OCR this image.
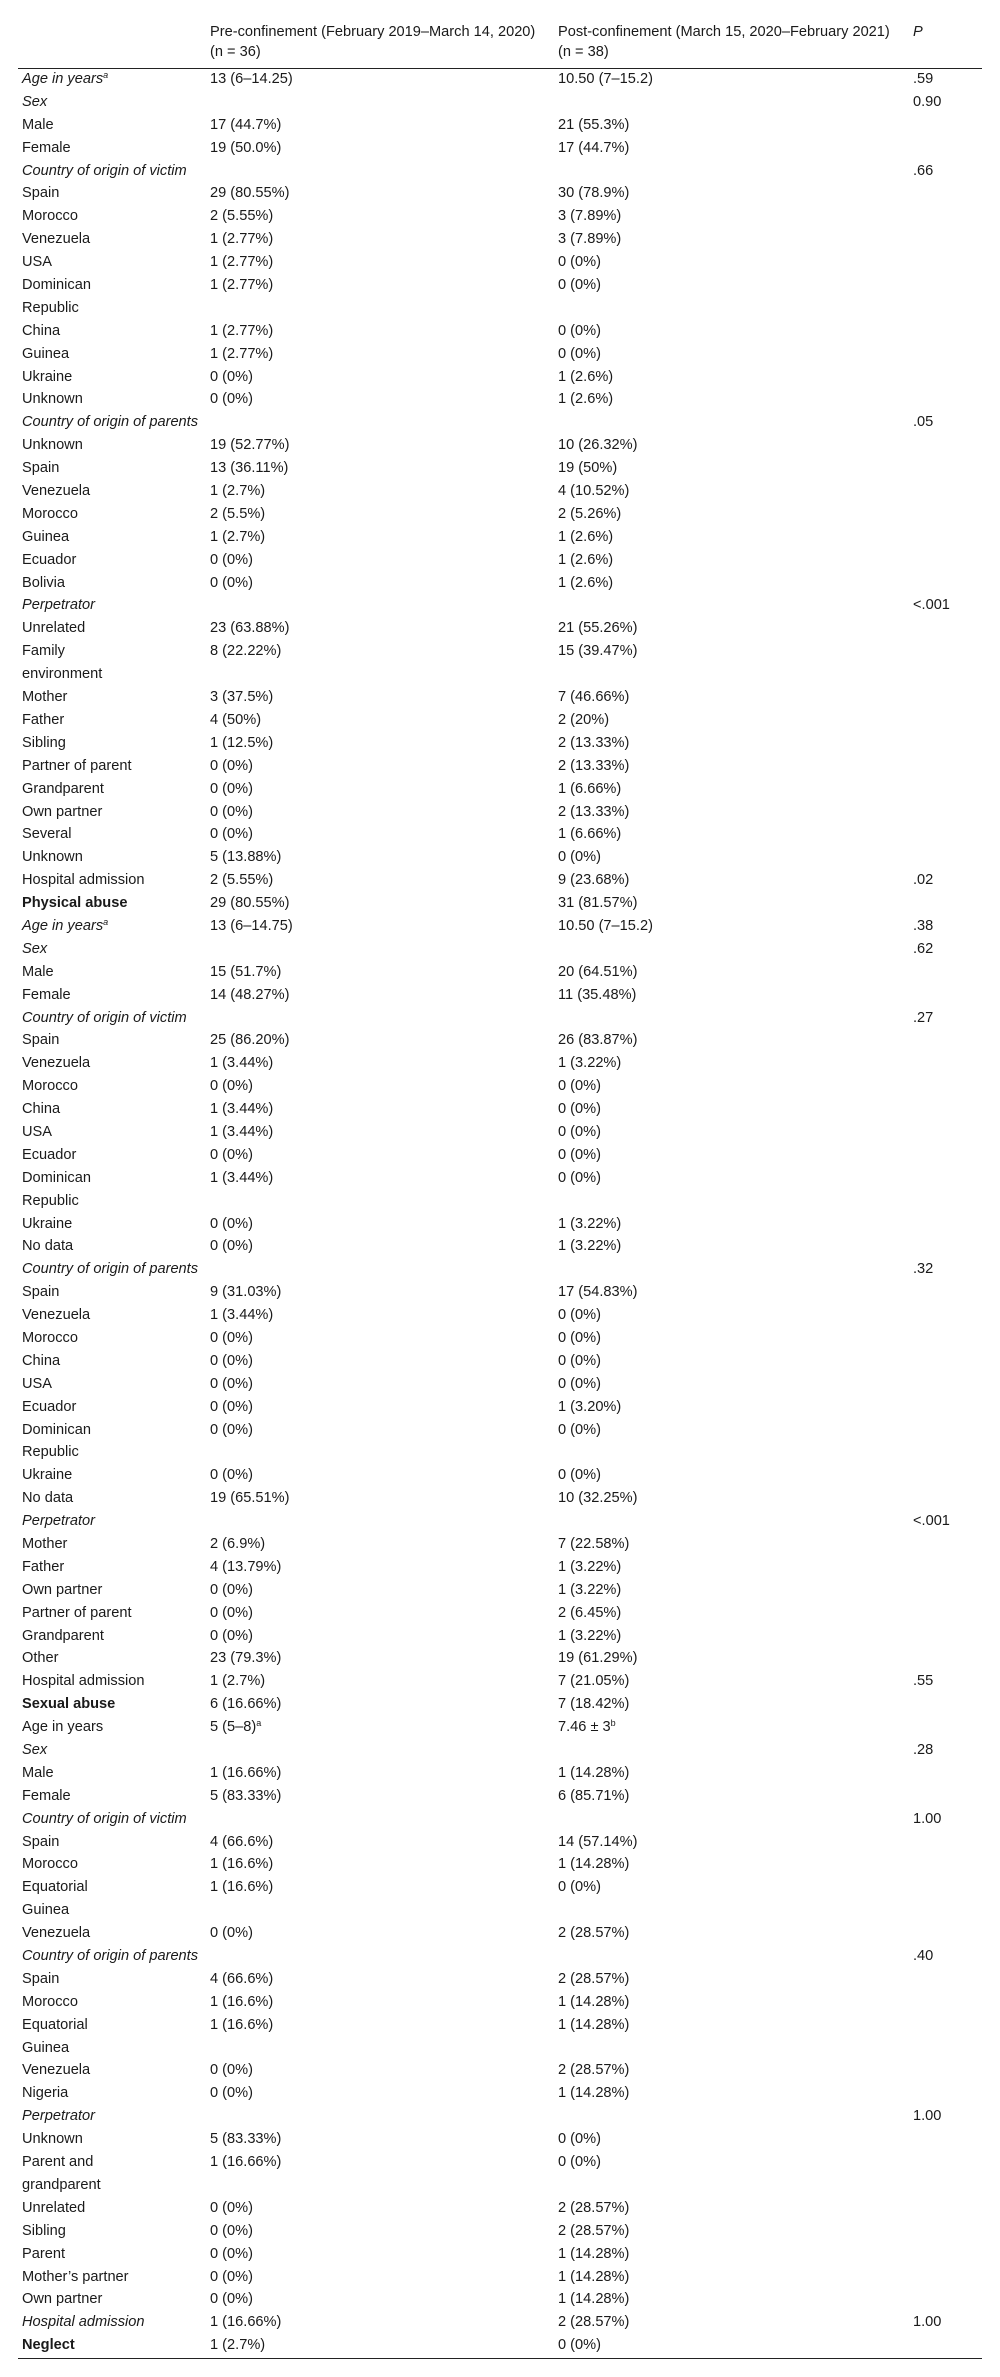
	Pre-confinement (February 2019–March 14, 2020) (n = 36)	Post-confinement (March 15, 2020–February 2021) (n = 38)	P
Age in years$^a$	13 (6–14.25)	10.50 (7–15.2)	.59
Sex			0.90
Male	17 (44.7%)	21 (55.3%)	
Female	19 (50.0%)	17 (44.7%)	
Country of origin of victim			.66
Spain	29 (80.55%)	30 (78.9%)	
Morocco	2 (5.55%)	3 (7.89%)	
Venezuela	1 (2.77%)	3 (7.89%)	
USA	1 (2.77%)	0 (0%)	
Dominican	1 (2.77%)	0 (0%)	
Republic			
China	1 (2.77%)	0 (0%)	
Guinea	1 (2.77%)	0 (0%)	
Ukraine	0 (0%)	1 (2.6%)	
Unknown	0 (0%)	1 (2.6%)	
Country of origin of parents			.05
Unknown	19 (52.77%)	10 (26.32%)	
Spain	13 (36.11%)	19 (50%)	
Venezuela	1 (2.7%)	4 (10.52%)	
Morocco	2 (5.5%)	2 (5.26%)	
Guinea	1 (2.7%)	1 (2.6%)	
Ecuador	0 (0%)	1 (2.6%)	
Bolivia	0 (0%)	1 (2.6%)	
Perpetrator			<.001
Unrelated	23 (63.88%)	21 (55.26%)	
Family	8 (22.22%)	15 (39.47%)	
environment			
Mother	3 (37.5%)	7 (46.66%)	
Father	4 (50%)	2 (20%)	
Sibling	1 (12.5%)	2 (13.33%)	
Partner of parent	0 (0%)	2 (13.33%)	
Grandparent	0 (0%)	1 (6.66%)	
Own partner	0 (0%)	2 (13.33%)	
Several	0 (0%)	1 (6.66%)	
Unknown	5 (13.88%)	0 (0%)	
Hospital admission	2 (5.55%)	9 (23.68%)	.02
Physical abuse	29 (80.55%)	31 (81.57%)	
Age in years$^a$	13 (6–14.75)	10.50 (7–15.2)	.38
Sex			.62
Male	15 (51.7%)	20 (64.51%)	
Female	14 (48.27%)	11 (35.48%)	
Country of origin of victim			.27
Spain	25 (86.20%)	26 (83.87%)	
Venezuela	1 (3.44%)	1 (3.22%)	
Morocco	0 (0%)	0 (0%)	
China	1 (3.44%)	0 (0%)	
USA	1 (3.44%)	0 (0%)	
Ecuador	0 (0%)	0 (0%)	
Dominican	1 (3.44%)	0 (0%)	
Republic			
Ukraine	0 (0%)	1 (3.22%)	
No data	0 (0%)	1 (3.22%)	
Country of origin of parents			.32
Spain	9 (31.03%)	17 (54.83%)	
Venezuela	1 (3.44%)	0 (0%)	
Morocco	0 (0%)	0 (0%)	
China	0 (0%)	0 (0%)	
USA	0 (0%)	0 (0%)	
Ecuador	0 (0%)	1 (3.20%)	
Dominican	0 (0%)	0 (0%)	
Republic			
Ukraine	0 (0%)	0 (0%)	
No data	19 (65.51%)	10 (32.25%)	
Perpetrator			<.001
Mother	2 (6.9%)	7 (22.58%)	
Father	4 (13.79%)	1 (3.22%)	
Own partner	0 (0%)	1 (3.22%)	
Partner of parent	0 (0%)	2 (6.45%)	
Grandparent	0 (0%)	1 (3.22%)	
Other	23 (79.3%)	19 (61.29%)	
Hospital admission	1 (2.7%)	7 (21.05%)	.55
Sexual abuse	6 (16.66%)	7 (18.42%)	
Age in years	5 $(5-8)^a$	$7.46 \pm 3^b$	
Sex			.28
Male	1 (16.66%)	1 (14.28%)	
Female	5 (83.33%)	6 (85.71%)	
Country of origin of victim			1.00
Spain	4 (66.6%)	14 (57.14%)	
Morocco	1 (16.6%)	1 (14.28%)	
Equatorial	1 (16.6%)	0 (0%)	
Guinea			
Venezuela	0 (0%)	2 (28.57%)	
Country of origin of parents			.40
Spain	4 (66.6%)	2 (28.57%)	
Morocco	1 (16.6%)	1 (14.28%)	
Equatorial	1 (16.6%)	1 (14.28%)	
Guinea			
Venezuela	0 (0%)	2 (28.57%)	
Nigeria	0 (0%)	1 (14.28%)	
Perpetrator			1.00
Unknown	5 (83.33%)	0 (0%)	
Parent and	1 (16.66%)	0 (0%)	
grandparent			
Unrelated	0 (0%)	2 (28.57%)	
Sibling	0 (0%)	2 (28.57%)	
Parent	0 (0%)	1 (14.28%)	
Mother’s partner	0 (0%)	1 (14.28%)	
Own partner	0 (0%)	1 (14.28%)	
Hospital admission	1 (16.66%)	2 (28.57%)	1.00
Neglect	1 (2.7%)	0 (0%)	
